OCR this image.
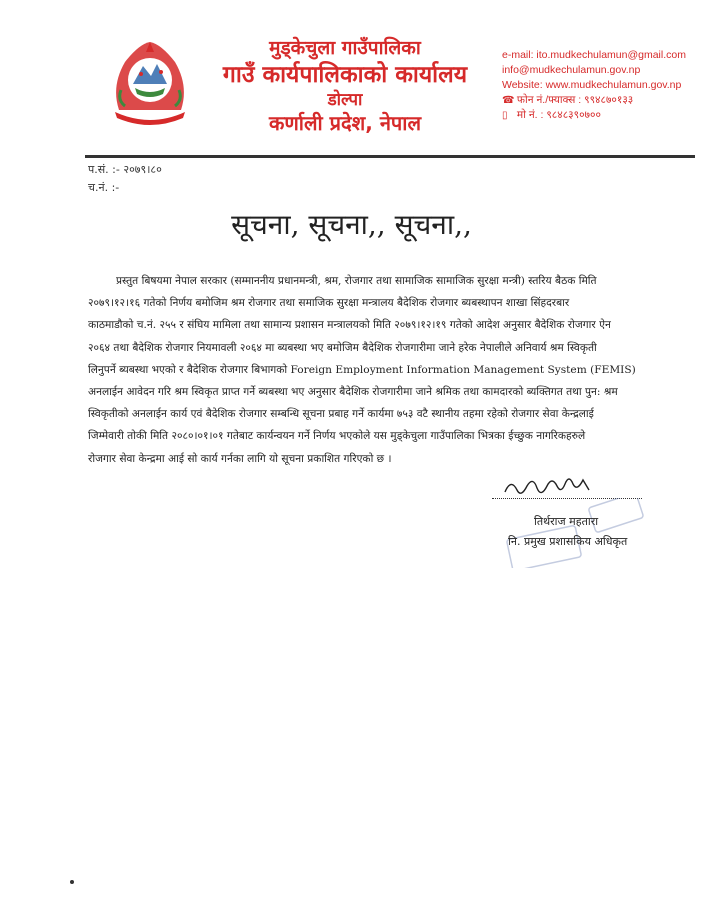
मुड्केचुला गाउँपालिका
गाउँ कार्यपालिकाको कार्यालय
डोल्पा
कर्णाली प्रदेश, नेपाल
e-mail: ito.mudkechulamun@gmail.com
info@mudkechulamun.gov.np
Website: www.mudkechulamun.gov.np
☎ फोन नं./फ्याक्स : ९९४८७०१३३
▯ मो नं. : ९८४८३९०७००
प.सं. :- २०७९।८०
च.नं. :-
सूचना, सूचना,, सूचना,,
प्रस्तुत बिषयमा नेपाल सरकार (सम्माननीय प्रधानमन्त्री, श्रम, रोजगार तथा सामाजिक सामाजिक सुरक्षा मन्त्री) स्तरिय बैठक मिति
२०७९।१२।१६ गतेको निर्णय बमोजिम श्रम रोजगार तथा समाजिक सुरक्षा मन्त्रालय बैदेशिक रोजगार ब्यबस्थापन शाखा सिंहदरबार
काठमाडौको च.नं. २५५ र संघिय मामिला तथा सामान्य प्रशासन मन्त्रालयको मिति २०७९।१२।१९ गतेको आदेश अनुसार बैदेशिक रोजगार ऐन
२०६४ तथा बैदेशिक रोजगार नियमावली २०६४ मा ब्यबस्था भए बमोजिम बैदेशिक रोजगारीमा जाने हरेक नेपालीले अनिवार्य श्रम स्विकृती
लिनुपर्ने ब्यबस्था भएको र बैदेशिक रोजगार बिभागको Foreign Employment Information Management System (FEMIS)
अनलाईन आवेदन गरि श्रम स्विकृत प्राप्त गर्ने ब्यबस्था भए अनुसार बैदेशिक रोजगारीमा जाने श्रमिक तथा कामदारको ब्यक्तिगत तथा पुन: श्रम
स्विकृतीको अनलाईन कार्य एवं बैदेशिक रोजगार सम्बन्धि सूचना प्रबाह गर्ने कार्यमा ७५३ वटै स्थानीय तहमा रहेको रोजगार सेवा केन्द्रलाई
जिम्मेवारी तोकी मिति २०८०।०१।०१ गतेबाट कार्यन्वयन गर्ने निर्णय भएकोले यस मुड्केचुला गाउँपालिका भित्रका ईच्छुक नागरिकहरुले
रोजगार सेवा केन्द्रमा आई सो कार्य गर्नका लागि यो सूचना प्रकाशित गरिएको छ ।
तिर्थराज महतारा
नि. प्रमुख प्रशासकिय अधिकृत
